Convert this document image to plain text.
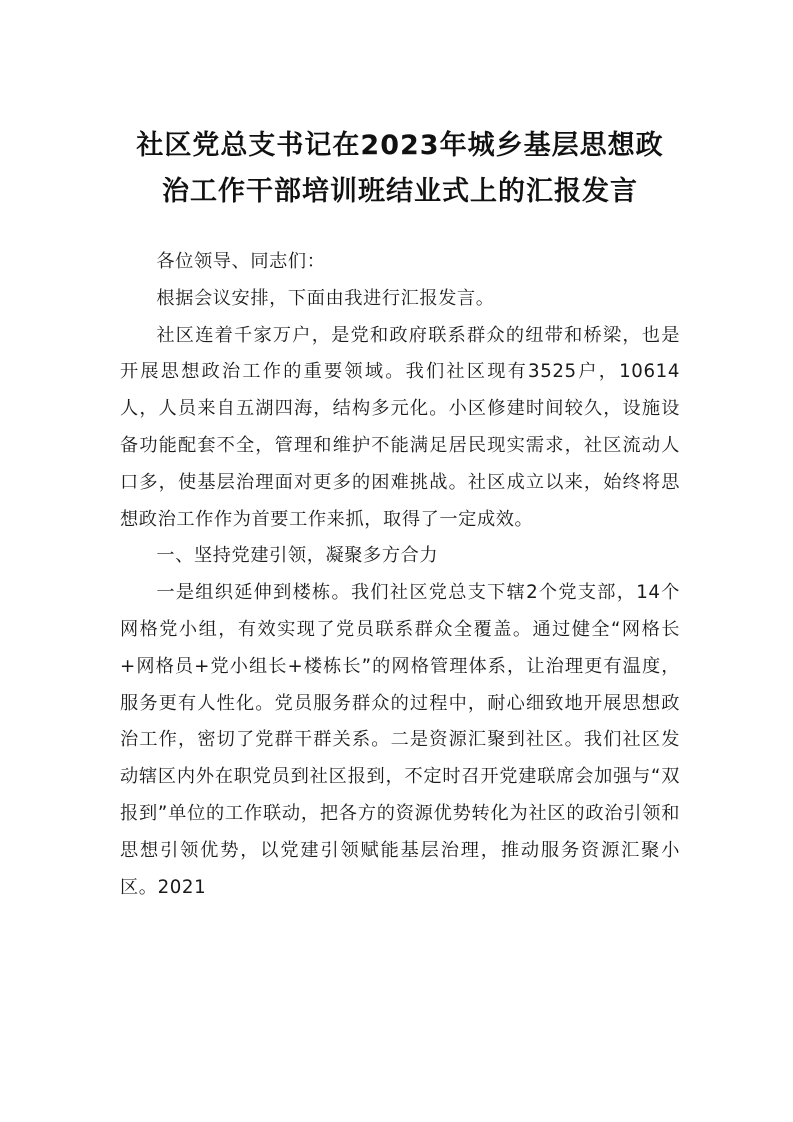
社区党总支书记在2023年城乡基层思想政
治工作干部培训班结业式上的汇报发言

各位领导、同志们：

根据会议安排，下面由我进行汇报发言。

社区连着千家万户，是党和政府联系群众的纽带和桥梁，也是开展思想政治工作的重要领域。我们社区现有3525户，10614人，人员来自五湖四海，结构多元化。小区修建时间较久，设施设备功能配套不全，管理和维护不能满足居民现实需求，社区流动人口多，使基层治理面对更多的困难挑战。社区成立以来，始终将思想政治工作作为首要工作来抓，取得了一定成效。

一、坚持党建引领，凝聚多方合力

一是组织延伸到楼栋。我们社区党总支下辖2个党支部，14个网格党小组，有效实现了党员联系群众全覆盖。通过健全“网格长+网格员+党小组长+楼栋长”的网格管理体系，让治理更有温度，服务更有人性化。党员服务群众的过程中，耐心细致地开展思想政治工作，密切了党群干群关系。二是资源汇聚到社区。我们社区发动辖区内外在职党员到社区报到，不定时召开党建联席会加强与“双报到”单位的工作联动，把各方的资源优势转化为社区的政治引领和思想引领优势，以党建引领赋能基层治理，推动服务资源汇聚小区。2021
